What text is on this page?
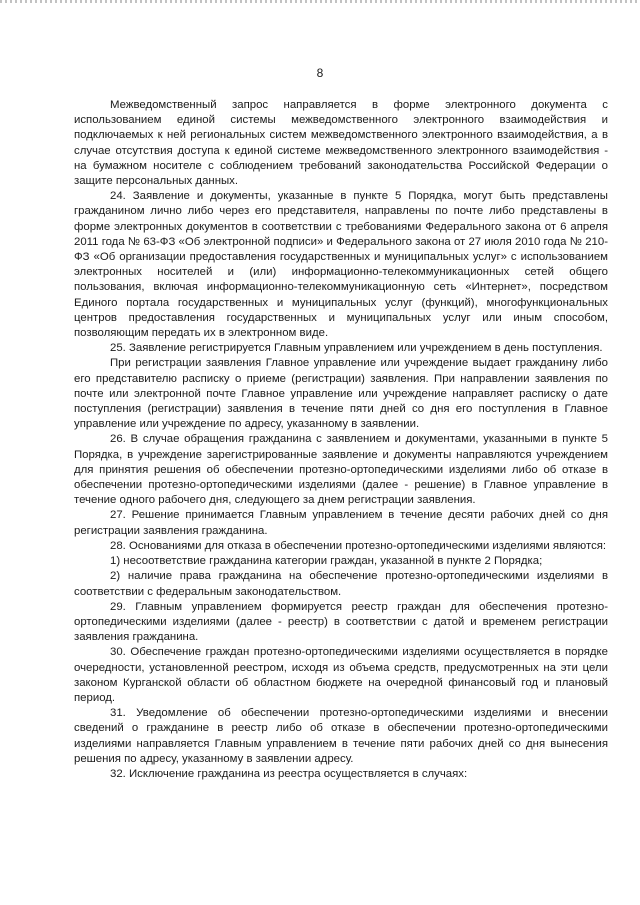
8

Межведомственный запрос направляется в форме электронного документа с использованием единой системы межведомственного электронного взаимодействия и подключаемых к ней региональных систем межведомственного электронного взаимодействия, а в случае отсутствия доступа к единой системе межведомственного электронного взаимодействия - на бумажном носителе с соблюдением требований законодательства Российской Федерации о защите персональных данных.

24. Заявление и документы, указанные в пункте 5 Порядка, могут быть представлены гражданином лично либо через его представителя, направлены по почте либо представлены в форме электронных документов в соответствии с требованиями Федерального закона от 6 апреля 2011 года № 63-ФЗ «Об электронной подписи» и Федерального закона от 27 июля 2010 года № 210-ФЗ «Об организации предоставления государственных и муниципальных услуг» с использованием электронных носителей и (или) информационно-телекоммуникационных сетей общего пользования, включая информационно-телекоммуникационную сеть «Интернет», посредством Единого портала государственных и муниципальных услуг (функций), многофункциональных центров предоставления государственных и муниципальных услуг или иным способом, позволяющим передать их в электронном виде.

25. Заявление регистрируется Главным управлением или учреждением в день поступления.

При регистрации заявления Главное управление или учреждение выдает гражданину либо его представителю расписку о приеме (регистрации) заявления. При направлении заявления по почте или электронной почте Главное управление или учреждение направляет расписку о дате поступления (регистрации) заявления в течение пяти дней со дня его поступления в Главное управление или учреждение по адресу, указанному в заявлении.

26. В случае обращения гражданина с заявлением и документами, указанными в пункте 5 Порядка, в учреждение зарегистрированные заявление и документы направляются учреждением для принятия решения об обеспечении протезно-ортопедическими изделиями либо об отказе в обеспечении протезно-ортопедическими изделиями (далее - решение) в Главное управление в течение одного рабочего дня, следующего за днем регистрации заявления.

27. Решение принимается Главным управлением в течение десяти рабочих дней со дня регистрации заявления гражданина.

28. Основаниями для отказа в обеспечении протезно-ортопедическими изделиями являются:

1) несоответствие гражданина категории граждан, указанной в пункте 2 Порядка;

2) наличие права гражданина на обеспечение протезно-ортопедическими изделиями в соответствии с федеральным законодательством.

29. Главным управлением формируется реестр граждан для обеспечения протезно-ортопедическими изделиями (далее - реестр) в соответствии с датой и временем регистрации заявления гражданина.

30. Обеспечение граждан протезно-ортопедическими изделиями осуществляется в порядке очередности, установленной реестром, исходя из объема средств, предусмотренных на эти цели законом Курганской области об областном бюджете на очередной финансовый год и плановый период.

31. Уведомление об обеспечении протезно-ортопедическими изделиями и внесении сведений о гражданине в реестр либо об отказе в обеспечении протезно-ортопедическими изделиями направляется Главным управлением в течение пяти рабочих дней со дня вынесения решения по адресу, указанному в заявлении адресу.

32. Исключение гражданина из реестра осуществляется в случаях:
